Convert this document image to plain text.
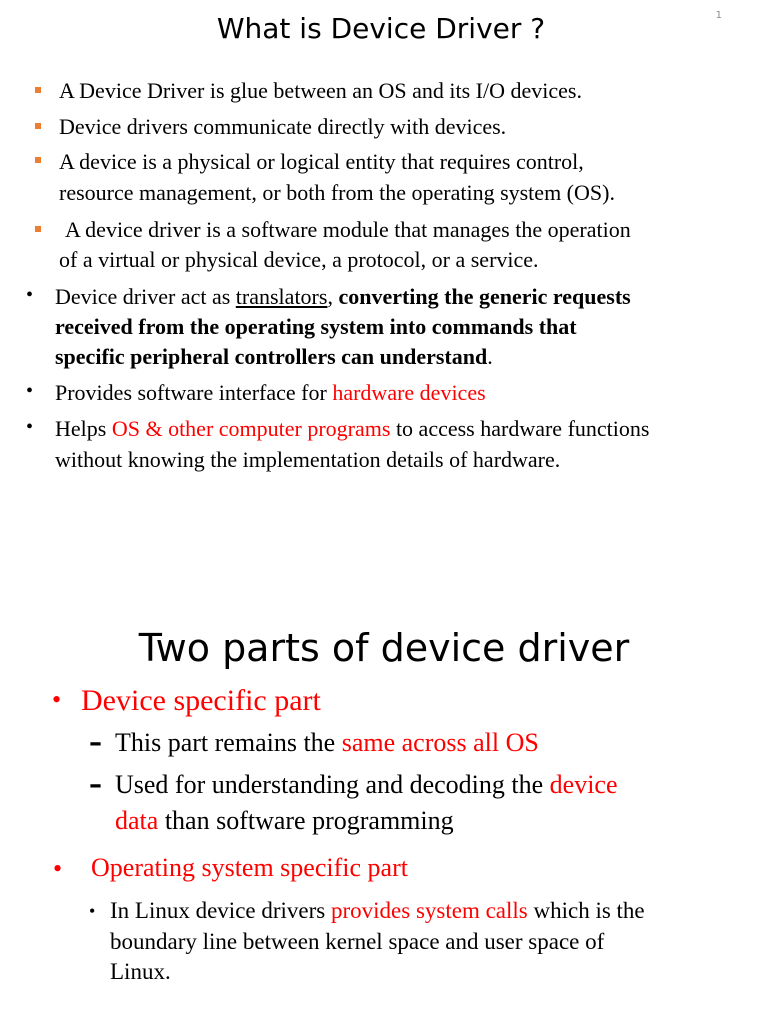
What is Device Driver ?	1
A Device Driver is glue between an OS and its I/O devices.
Device drivers communicate directly with devices.
A device is a physical or logical entity that requires control,
resource management, or both from the operating system (OS).
A device driver is a software module that manages the operation
of a virtual or physical device, a protocol, or a service.
• Device driver act as translators, converting the generic requests
received from the operating system into commands that
specific peripheral controllers can understand.
• Provides software interface for hardware devices
• Helps OS & other computer programs to access hardware functions
without knowing the implementation details of hardware.
Two parts of device driver
• Device specific part
– This part remains the same across all OS
– Used for understanding and decoding the device
data than software programming
• Operating system specific part
• In Linux device drivers provides system calls which is the
boundary line between kernel space and user space of
Linux.
